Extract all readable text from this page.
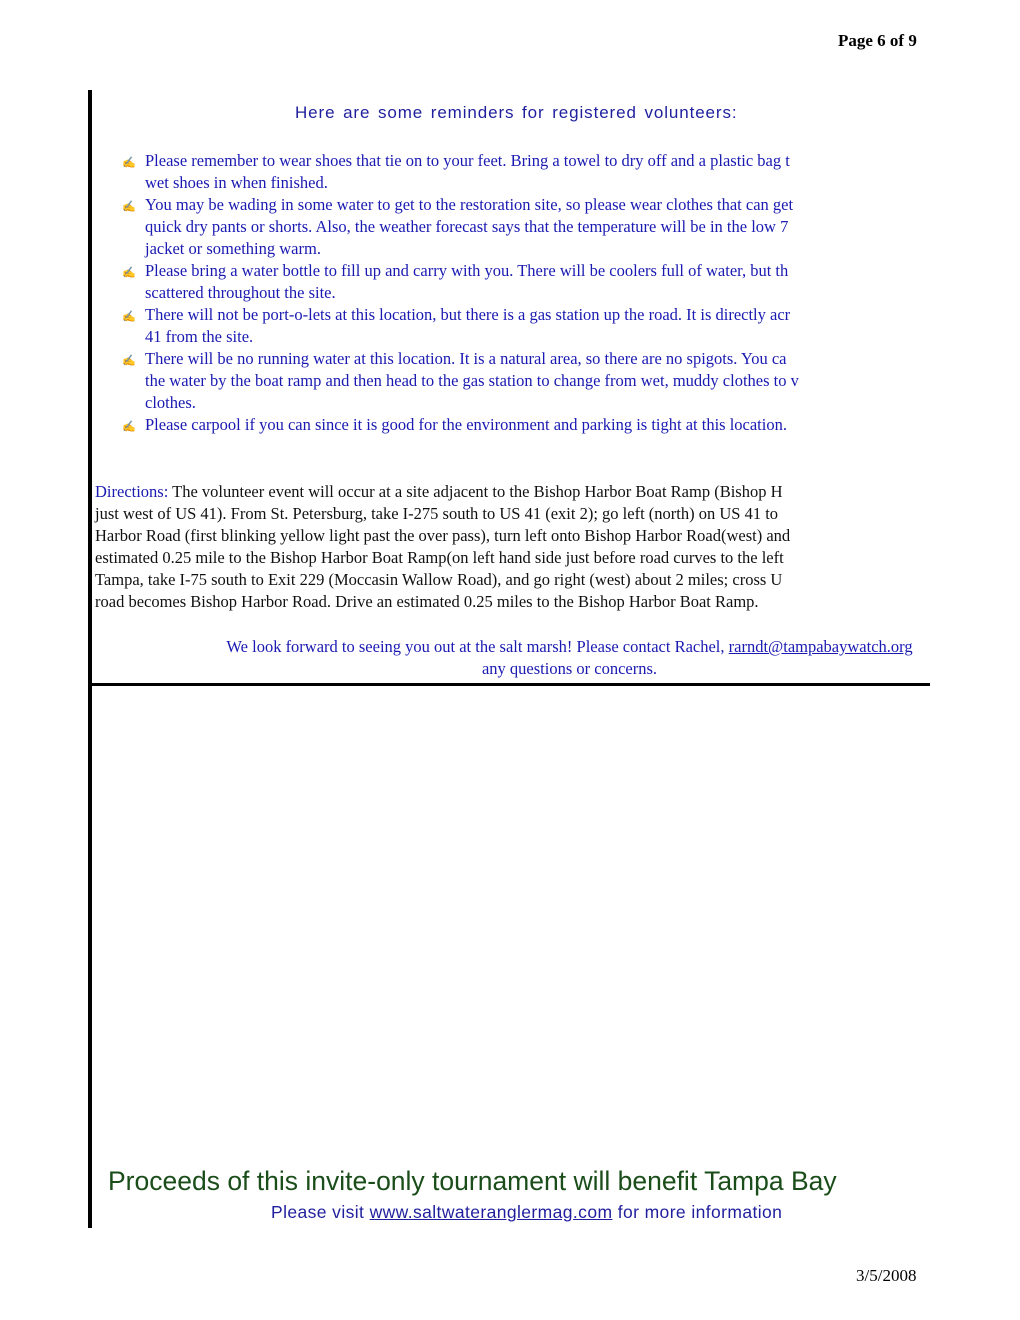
Page 6 of 9
Here are some reminders for registered volunteers:
✍ Please remember to wear shoes that tie on to your feet. Bring a towel to dry off and a plastic bag t
wet shoes in when finished.
✍ You may be wading in some water to get to the restoration site, so please wear clothes that can get
quick dry pants or shorts. Also, the weather forecast says that the temperature will be in the low 7
jacket or something warm.
✍ Please bring a water bottle to fill up and carry with you. There will be coolers full of water, but th
scattered throughout the site.
✍ There will not be port-o-lets at this location, but there is a gas station up the road. It is directly acr
41 from the site.
✍ There will be no running water at this location. It is a natural area, so there are no spigots. You ca
the water by the boat ramp and then head to the gas station to change from wet, muddy clothes to v
clothes.
✍ Please carpool if you can since it is good for the environment and parking is tight at this location.
Directions: The volunteer event will occur at a site adjacent to the Bishop Harbor Boat Ramp (Bishop H
just west of US 41). From St. Petersburg, take I-275 south to US 41 (exit 2); go left (north) on US 41 to
Harbor Road (first blinking yellow light past the over pass), turn left onto Bishop Harbor Road(west) and
estimated 0.25 mile to the Bishop Harbor Boat Ramp(on left hand side just before road curves to the left
Tampa, take I-75 south to Exit 229 (Moccasin Wallow Road), and go right (west) about 2 miles; cross U
road becomes Bishop Harbor Road. Drive an estimated 0.25 miles to the Bishop Harbor Boat Ramp.
We look forward to seeing you out at the salt marsh! Please contact Rachel, rarndt@tampabaywatch.org
any questions or concerns.
Proceeds of this invite-only tournament will benefit Tampa Bay
Please visit www.saltwateranglermag.com for more information
3/5/2008
